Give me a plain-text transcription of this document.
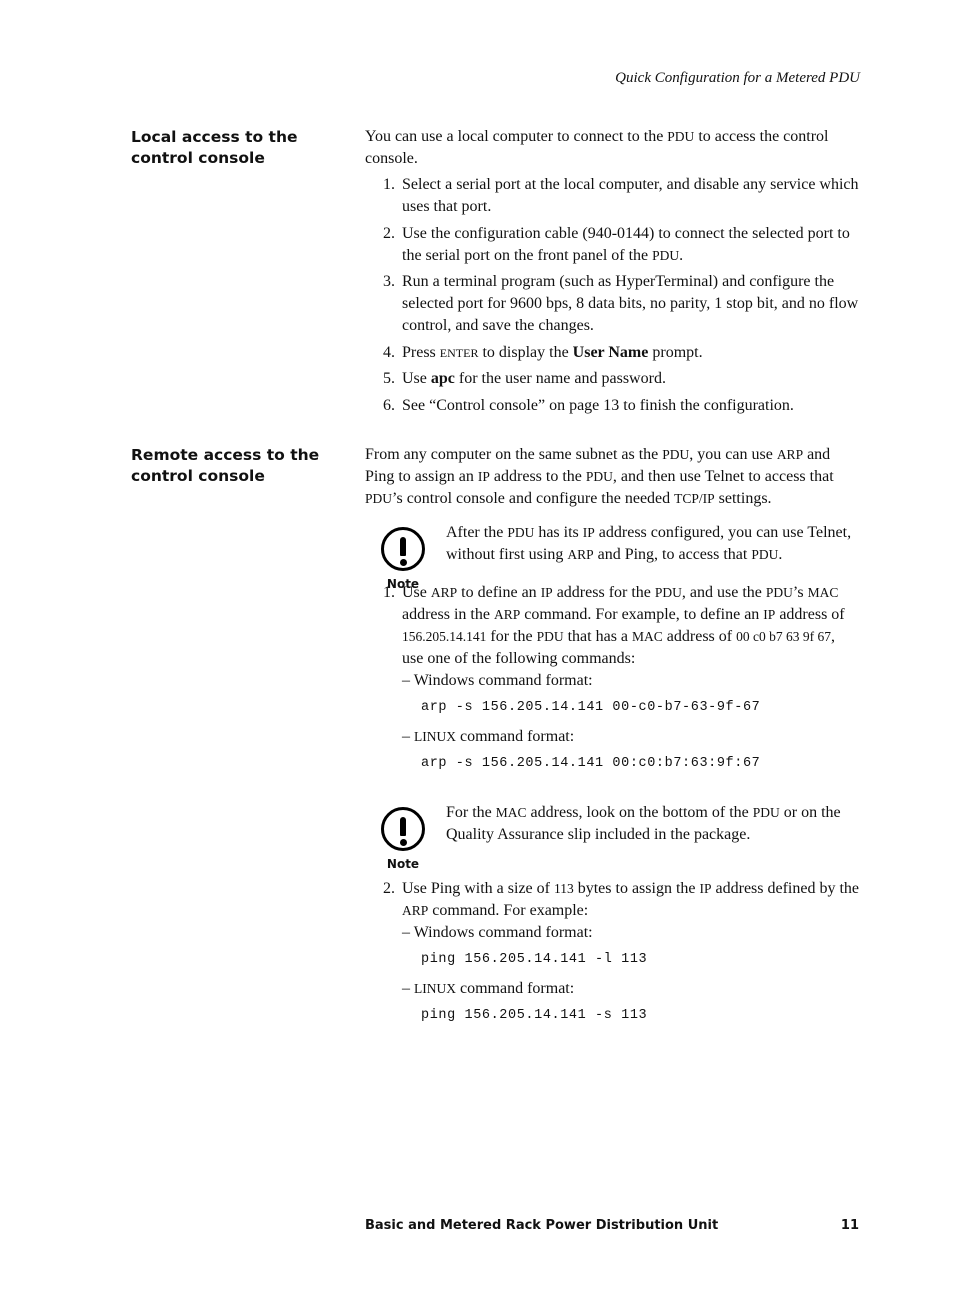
Quick Configuration for a Metered PDU
Local access to the
control console

You can use a local computer to connect to the PDU to access the control console.

1. Select a serial port at the local computer, and disable any service which uses that port.
2. Use the configuration cable (940-0144) to connect the selected port to the serial port on the front panel of the PDU.
3. Run a terminal program (such as HyperTerminal) and configure the selected port for 9600 bps, 8 data bits, no parity, 1 stop bit, and no flow control, and save the changes.
4. Press ENTER to display the User Name prompt.
5. Use apc for the user name and password.
6. See “Control console” on page 13 to finish the configuration.
Remote access to the
control console

From any computer on the same subnet as the PDU, you can use ARP and Ping to assign an IP address to the PDU, and then use Telnet to access that PDU’s control console and configure the needed TCP/IP settings.

Note

After the PDU has its IP address configured, you can use Telnet, without first using ARP and Ping, to access that PDU.

1. Use ARP to define an IP address for the PDU, and use the PDU’s MAC address in the ARP command. For example, to define an IP address of 156.205.14.141 for the PDU that has a MAC address of 00 c0 b7 63 9f 67, use one of the following commands:
– Windows command format:
arp -s 156.205.14.141 00-c0-b7-63-9f-67
– LINUX command format:
arp -s 156.205.14.141 00:c0:b7:63:9f:67
Note

For the MAC address, look on the bottom of the PDU or on the Quality Assurance slip included in the package.

2. Use Ping with a size of 113 bytes to assign the IP address defined by the ARP command. For example:
– Windows command format:
ping 156.205.14.141 -l 113
– LINUX command format:
ping 156.205.14.141 -s 113
Basic and Metered Rack Power Distribution Unit	11
